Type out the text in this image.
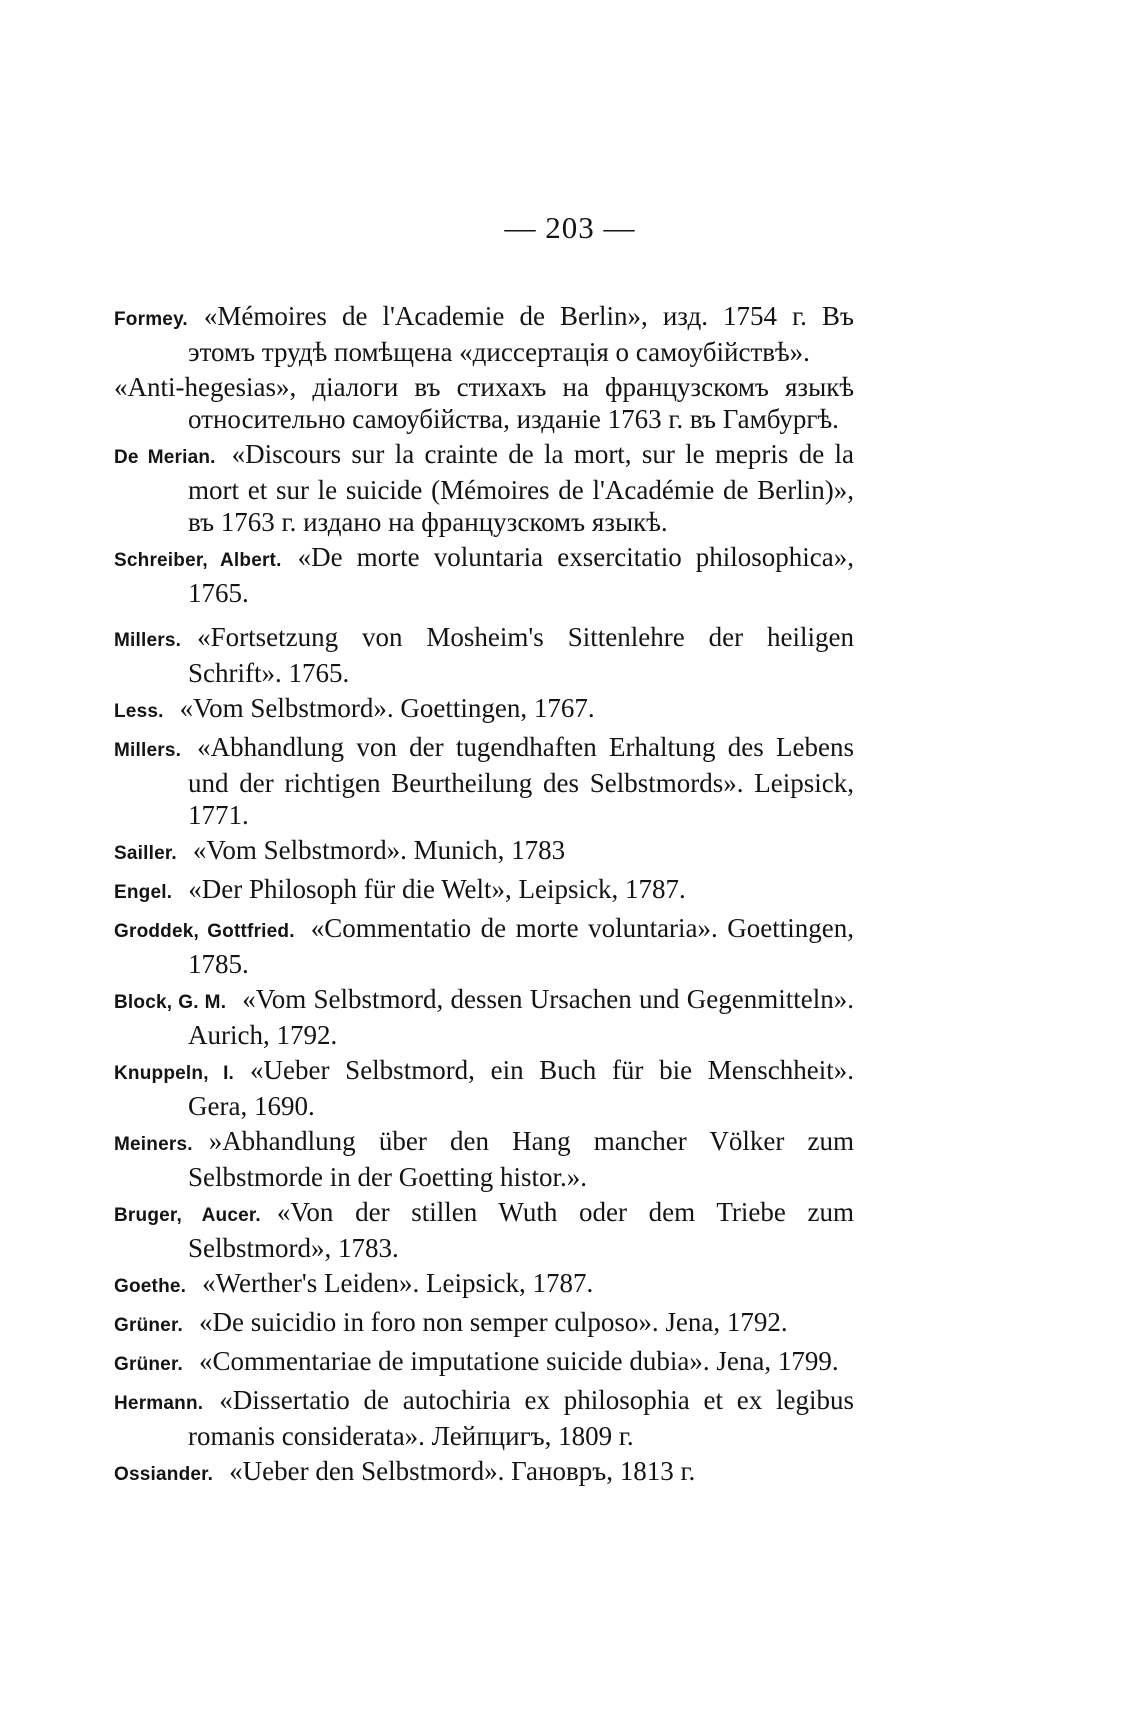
— 203 —
Formey. «Mémoires de l'Academie de Berlin», изд. 1754 г. Въ этомъ трудѣ помѣщена «диссертація о самоубійствѣ».
«Anti-hegesias», діалоги въ стихахъ на французскомъ языкѣ относительно самоубійства, изданіе 1763 г. въ Гамбургѣ.
De Merian. «Discours sur la crainte de la mort, sur le mepris de la mort et sur le suicide (Mémoires de l'Académie de Berlin)», въ 1763 г. издано на французскомъ языкѣ.
Schreiber, Albert. «De morte voluntaria exsercitatio philosophica», 1765.
Millers. «Fortsetzung von Mosheim's Sittenlehre der heiligen Schrift». 1765.
Less. «Vom Selbstmord». Goettingen, 1767.
Millers. «Abhandlung von der tugendhaften Erhaltung des Lebens und der richtigen Beurtheilung des Selbstmords». Leipsick, 1771.
Sailler. «Vom Selbstmord». Munich, 1783
Engel. «Der Philosoph für die Welt», Leipsick, 1787.
Groddek, Gottfried. «Commentatio de morte voluntaria». Goettingen, 1785.
Block, G. M. «Vom Selbstmord, dessen Ursachen und Gegenmitteln». Aurich, 1792.
Knuppeln, I. «Ueber Selbstmord, ein Buch für bie Menschheit». Gera, 1690.
Meiners. »Abhandlung über den Hang mancher Völker zum Selbstmorde in der Goetting histor.».
Bruger, Aucer. «Von der stillen Wuth oder dem Triebe zum Selbstmord», 1783.
Goethe. «Werther's Leiden». Leipsick, 1787.
Grüner. «De suicidio in foro non semper culposo». Jena, 1792.
Grüner. «Commentariae de imputatione suicide dubia». Jena, 1799.
Hermann. «Dissertatio de autochiria ex philosophia et ex legibus romanis considerata». Лейпцигъ, 1809 г.
Ossiander. «Ueber den Selbstmord». Гановръ, 1813 г.
